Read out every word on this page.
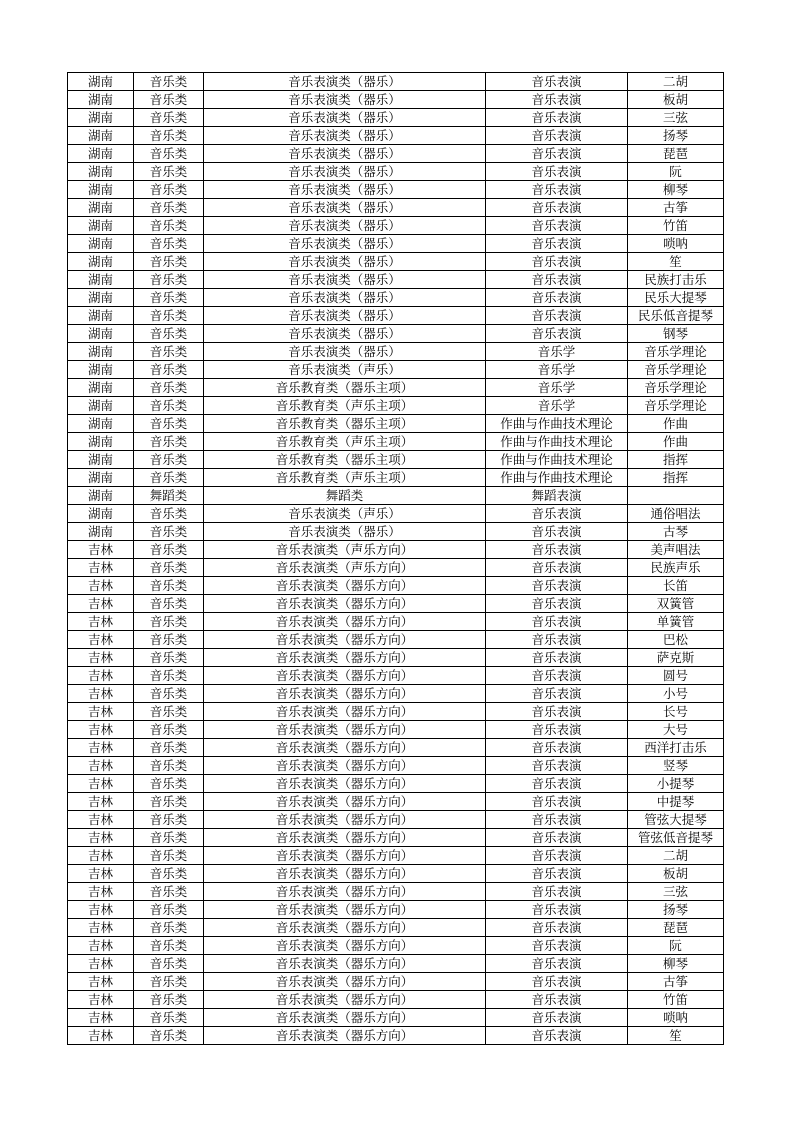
湖南	音乐类	音乐表演类（器乐）	音乐表演	二胡
湖南	音乐类	音乐表演类（器乐）	音乐表演	板胡
湖南	音乐类	音乐表演类（器乐）	音乐表演	三弦
湖南	音乐类	音乐表演类（器乐）	音乐表演	扬琴
湖南	音乐类	音乐表演类（器乐）	音乐表演	琵琶
湖南	音乐类	音乐表演类（器乐）	音乐表演	阮
湖南	音乐类	音乐表演类（器乐）	音乐表演	柳琴
湖南	音乐类	音乐表演类（器乐）	音乐表演	古筝
湖南	音乐类	音乐表演类（器乐）	音乐表演	竹笛
湖南	音乐类	音乐表演类（器乐）	音乐表演	唢呐
湖南	音乐类	音乐表演类（器乐）	音乐表演	笙
湖南	音乐类	音乐表演类（器乐）	音乐表演	民族打击乐
湖南	音乐类	音乐表演类（器乐）	音乐表演	民乐大提琴
湖南	音乐类	音乐表演类（器乐）	音乐表演	民乐低音提琴
湖南	音乐类	音乐表演类（器乐）	音乐表演	钢琴
湖南	音乐类	音乐表演类（器乐）	音乐学	音乐学理论
湖南	音乐类	音乐表演类（声乐）	音乐学	音乐学理论
湖南	音乐类	音乐教育类（器乐主项）	音乐学	音乐学理论
湖南	音乐类	音乐教育类（声乐主项）	音乐学	音乐学理论
湖南	音乐类	音乐教育类（器乐主项）	作曲与作曲技术理论	作曲
湖南	音乐类	音乐教育类（声乐主项）	作曲与作曲技术理论	作曲
湖南	音乐类	音乐教育类（器乐主项）	作曲与作曲技术理论	指挥
湖南	音乐类	音乐教育类（声乐主项）	作曲与作曲技术理论	指挥
湖南	舞蹈类	舞蹈类	舞蹈表演	
湖南	音乐类	音乐表演类（声乐）	音乐表演	通俗唱法
湖南	音乐类	音乐表演类（器乐）	音乐表演	古琴
吉林	音乐类	音乐表演类（声乐方向）	音乐表演	美声唱法
吉林	音乐类	音乐表演类（声乐方向）	音乐表演	民族声乐
吉林	音乐类	音乐表演类（器乐方向）	音乐表演	长笛
吉林	音乐类	音乐表演类（器乐方向）	音乐表演	双簧管
吉林	音乐类	音乐表演类（器乐方向）	音乐表演	单簧管
吉林	音乐类	音乐表演类（器乐方向）	音乐表演	巴松
吉林	音乐类	音乐表演类（器乐方向）	音乐表演	萨克斯
吉林	音乐类	音乐表演类（器乐方向）	音乐表演	圆号
吉林	音乐类	音乐表演类（器乐方向）	音乐表演	小号
吉林	音乐类	音乐表演类（器乐方向）	音乐表演	长号
吉林	音乐类	音乐表演类（器乐方向）	音乐表演	大号
吉林	音乐类	音乐表演类（器乐方向）	音乐表演	西洋打击乐
吉林	音乐类	音乐表演类（器乐方向）	音乐表演	竖琴
吉林	音乐类	音乐表演类（器乐方向）	音乐表演	小提琴
吉林	音乐类	音乐表演类（器乐方向）	音乐表演	中提琴
吉林	音乐类	音乐表演类（器乐方向）	音乐表演	管弦大提琴
吉林	音乐类	音乐表演类（器乐方向）	音乐表演	管弦低音提琴
吉林	音乐类	音乐表演类（器乐方向）	音乐表演	二胡
吉林	音乐类	音乐表演类（器乐方向）	音乐表演	板胡
吉林	音乐类	音乐表演类（器乐方向）	音乐表演	三弦
吉林	音乐类	音乐表演类（器乐方向）	音乐表演	扬琴
吉林	音乐类	音乐表演类（器乐方向）	音乐表演	琵琶
吉林	音乐类	音乐表演类（器乐方向）	音乐表演	阮
吉林	音乐类	音乐表演类（器乐方向）	音乐表演	柳琴
吉林	音乐类	音乐表演类（器乐方向）	音乐表演	古筝
吉林	音乐类	音乐表演类（器乐方向）	音乐表演	竹笛
吉林	音乐类	音乐表演类（器乐方向）	音乐表演	唢呐
吉林	音乐类	音乐表演类（器乐方向）	音乐表演	笙
